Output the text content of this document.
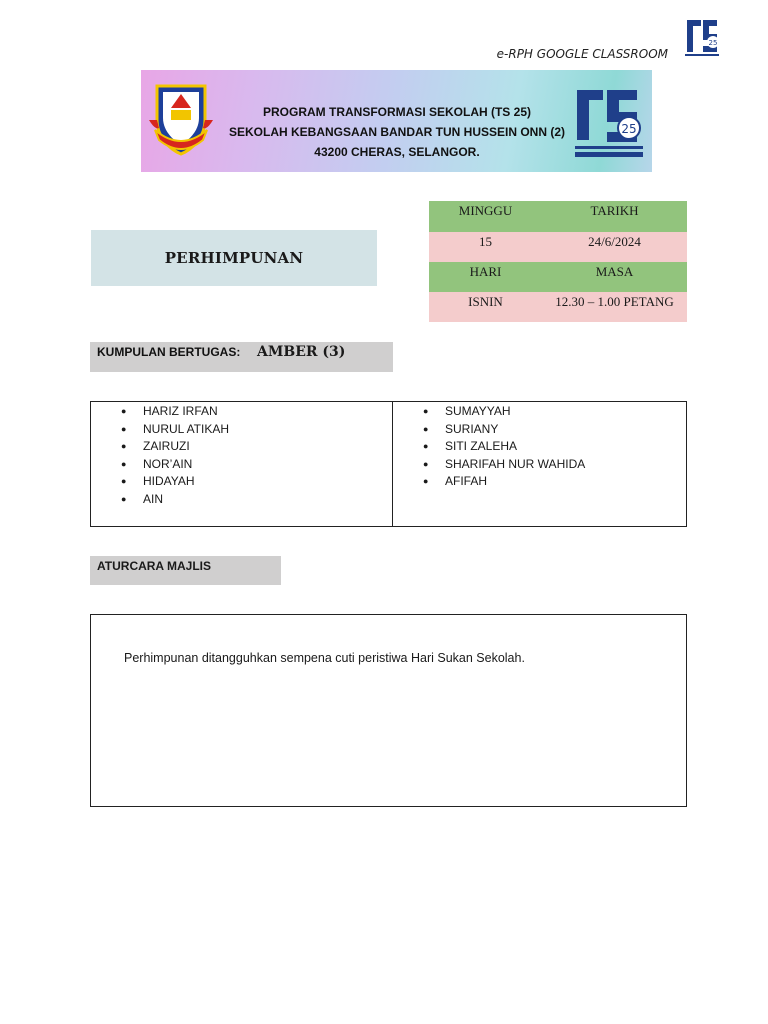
25
e-RPH GOOGLE CLASSROOM
PROGRAM TRANSFORMASI SEKOLAH (TS 25)
SEKOLAH KEBANGSAAN BANDAR TUN HUSSEIN ONN (2)
43200 CHERAS, SELANGOR.
25
PERHIMPUNAN
MINGGU	TARIKH
15	24/6/2024
HARI	MASA
ISNIN	12.30 – 1.00 PETANG
KUMPULAN BERTUGAS: AMBER (3)
● HARIZ IRFAN
● NURUL ATIKAH
● ZAIRUZI
● NOR’AIN
● HIDAYAH
● AIN
● SUMAYYAH
● SURIANY
● SITI ZALEHA
● SHARIFAH NUR WAHIDA
● AFIFAH
ATURCARA MAJLIS
Perhimpunan ditangguhkan sempena cuti peristiwa Hari Sukan Sekolah.
